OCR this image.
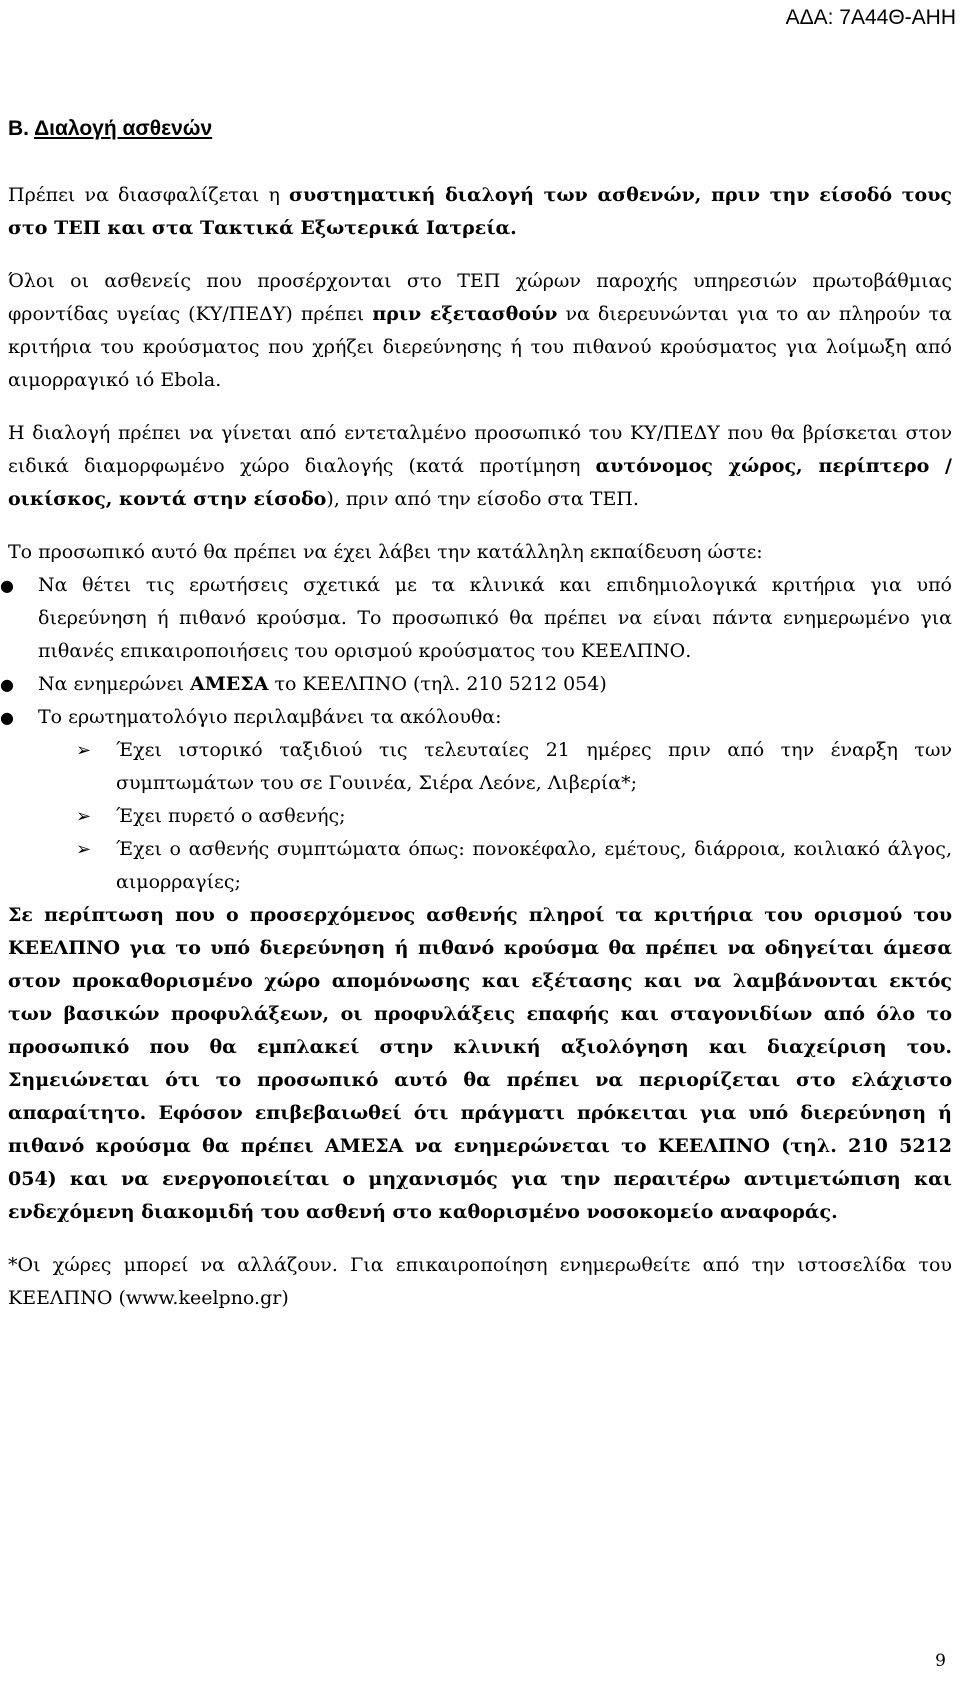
ΑΔΑ: 7Α44Θ-ΑΗΗ
Β. Διαλογή ασθενών

Πρέπει να διασφαλίζεται η συστηματική διαλογή των ασθενών, πριν την είσοδό τους στο ΤΕΠ και στα Τακτικά Εξωτερικά Ιατρεία.

Όλοι οι ασθενείς που προσέρχονται στο ΤΕΠ χώρων παροχής υπηρεσιών πρωτοβάθμιας φροντίδας υγείας (ΚΥ/ΠΕΔΥ) πρέπει πριν εξετασθούν να διερευνώνται για το αν πληρούν τα κριτήρια του κρούσματος που χρήζει διερεύνησης ή του πιθανού κρούσματος για λοίμωξη από αιμορραγικό ιό Ebola.

Η διαλογή πρέπει να γίνεται από εντεταλμένο προσωπικό του ΚΥ/ΠΕΔΥ που θα βρίσκεται στον ειδικά διαμορφωμένο χώρο διαλογής (κατά προτίμηση αυτόνομος χώρος, περίπτερο / οικίσκος, κοντά στην είσοδο), πριν από την είσοδο στα ΤΕΠ.

Το προσωπικό αυτό θα πρέπει να έχει λάβει την κατάλληλη εκπαίδευση ώστε:

● Να θέτει τις ερωτήσεις σχετικά με τα κλινικά και επιδημιολογικά κριτήρια για υπό διερεύνηση ή πιθανό κρούσμα. Το προσωπικό θα πρέπει να είναι πάντα ενημερωμένο για πιθανές επικαιροποιήσεις του ορισμού κρούσματος του ΚΕΕΛΠΝΟ.
● Να ενημερώνει ΑΜΕΣΑ το ΚΕΕΛΠΝΟ (τηλ. 210 5212 054)
● Το ερωτηματολόγιο περιλαμβάνει τα ακόλουθα:
➢ Έχει ιστορικό ταξιδιού τις τελευταίες 21 ημέρες πριν από την έναρξη των συμπτωμάτων του σε Γουινέα, Σιέρα Λεόνε, Λιβερία*;
➢ Έχει πυρετό ο ασθενής;
➢ Έχει ο ασθενής συμπτώματα όπως: πονοκέφαλο, εμέτους, διάρροια, κοιλιακό άλγος, αιμορραγίες;

Σε περίπτωση που ο προσερχόμενος ασθενής πληροί τα κριτήρια του ορισμού του ΚΕΕΛΠΝΟ για το υπό διερεύνηση ή πιθανό κρούσμα θα πρέπει να οδηγείται άμεσα στον προκαθορισμένο χώρο απομόνωσης και εξέτασης και να λαμβάνονται εκτός των βασικών προφυλάξεων, οι προφυλάξεις επαφής και σταγονιδίων από όλο το προσωπικό που θα εμπλακεί στην κλινική αξιολόγηση και διαχείριση του. Σημειώνεται ότι το προσωπικό αυτό θα πρέπει να περιορίζεται στο ελάχιστο απαραίτητο. Εφόσον επιβεβαιωθεί ότι πράγματι πρόκειται για υπό διερεύνηση ή πιθανό κρούσμα θα πρέπει ΑΜΕΣΑ να ενημερώνεται το ΚΕΕΛΠΝΟ (τηλ. 210 5212 054) και να ενεργοποιείται ο μηχανισμός για την περαιτέρω αντιμετώπιση και ενδεχόμενη διακομιδή του ασθενή στο καθορισμένο νοσοκομείο αναφοράς.

*Οι χώρες μπορεί να αλλάζουν. Για επικαιροποίηση ενημερωθείτε από την ιστοσελίδα του ΚΕΕΛΠΝΟ (www.keelpno.gr)

9
